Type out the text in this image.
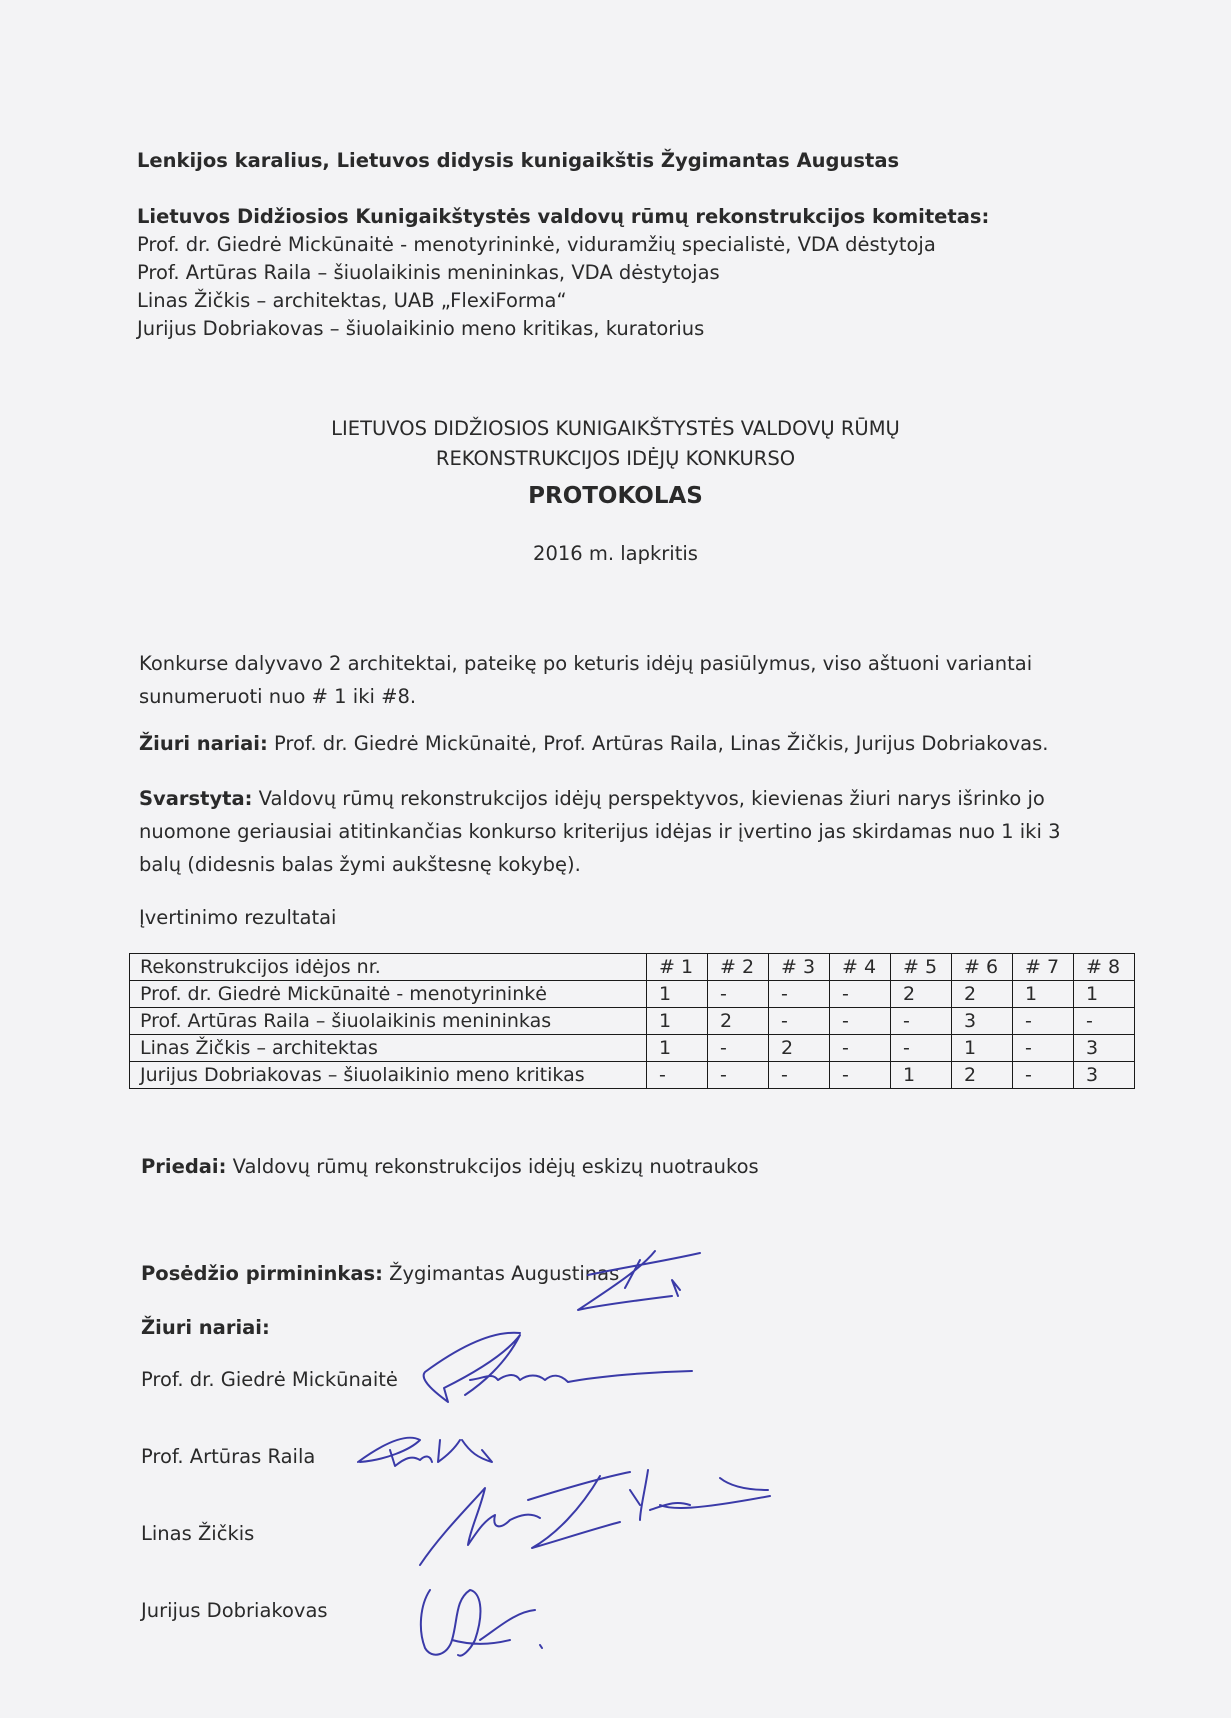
Lenkijos karalius, Lietuvos didysis kunigaikštis Žygimantas Augustas
Lietuvos Didžiosios Kunigaikštystės valdovų rūmų rekonstrukcijos komitetas:
Prof. dr. Giedrė Mickūnaitė - menotyrininkė, viduramžių specialistė, VDA dėstytoja
Prof. Artūras Raila – šiuolaikinis menininkas, VDA dėstytojas
Linas Žičkis – architektas, UAB „FlexiForma“
Jurijus Dobriakovas – šiuolaikinio meno kritikas, kuratorius
LIETUVOS DIDŽIOSIOS KUNIGAIKŠTYSTĖS VALDOVŲ RŪMŲ
REKONSTRUKCIJOS IDĖJŲ KONKURSO
PROTOKOLAS
2016 m. lapkritis
Konkurse dalyvavo 2 architektai, pateikę po keturis idėjų pasiūlymus, viso aštuoni variantai sunumeruoti nuo # 1 iki #8.
Žiuri nariai: Prof. dr. Giedrė Mickūnaitė, Prof. Artūras Raila, Linas Žičkis, Jurijus Dobriakovas.
Svarstyta: Valdovų rūmų rekonstrukcijos idėjų perspektyvos, kievienas žiuri narys išrinko jo nuomone geriausiai atitinkančias konkurso kriterijus idėjas ir įvertino jas skirdamas nuo 1 iki 3 balų (didesnis balas žymi aukštesnę kokybę).
Įvertinimo rezultatai
Rekonstrukcijos idėjos nr.	# 1	# 2	# 3	# 4	# 5	# 6	# 7	# 8
Prof. dr. Giedrė Mickūnaitė - menotyrininkė	1	-	-	-	2	2	1	1
Prof. Artūras Raila – šiuolaikinis menininkas	1	2	-	-	-	3	-	-
Linas Žičkis – architektas	1	-	2	-	-	1	-	3
Jurijus Dobriakovas – šiuolaikinio meno kritikas	-	-	-	-	1	2	-	3
Priedai: Valdovų rūmų rekonstrukcijos idėjų eskizų nuotraukos
Posėdžio pirmininkas: Žygimantas Augustinas
Žiuri nariai:
Prof. dr. Giedrė Mickūnaitė
Prof. Artūras Raila
Linas Žičkis
Jurijus Dobriakovas
